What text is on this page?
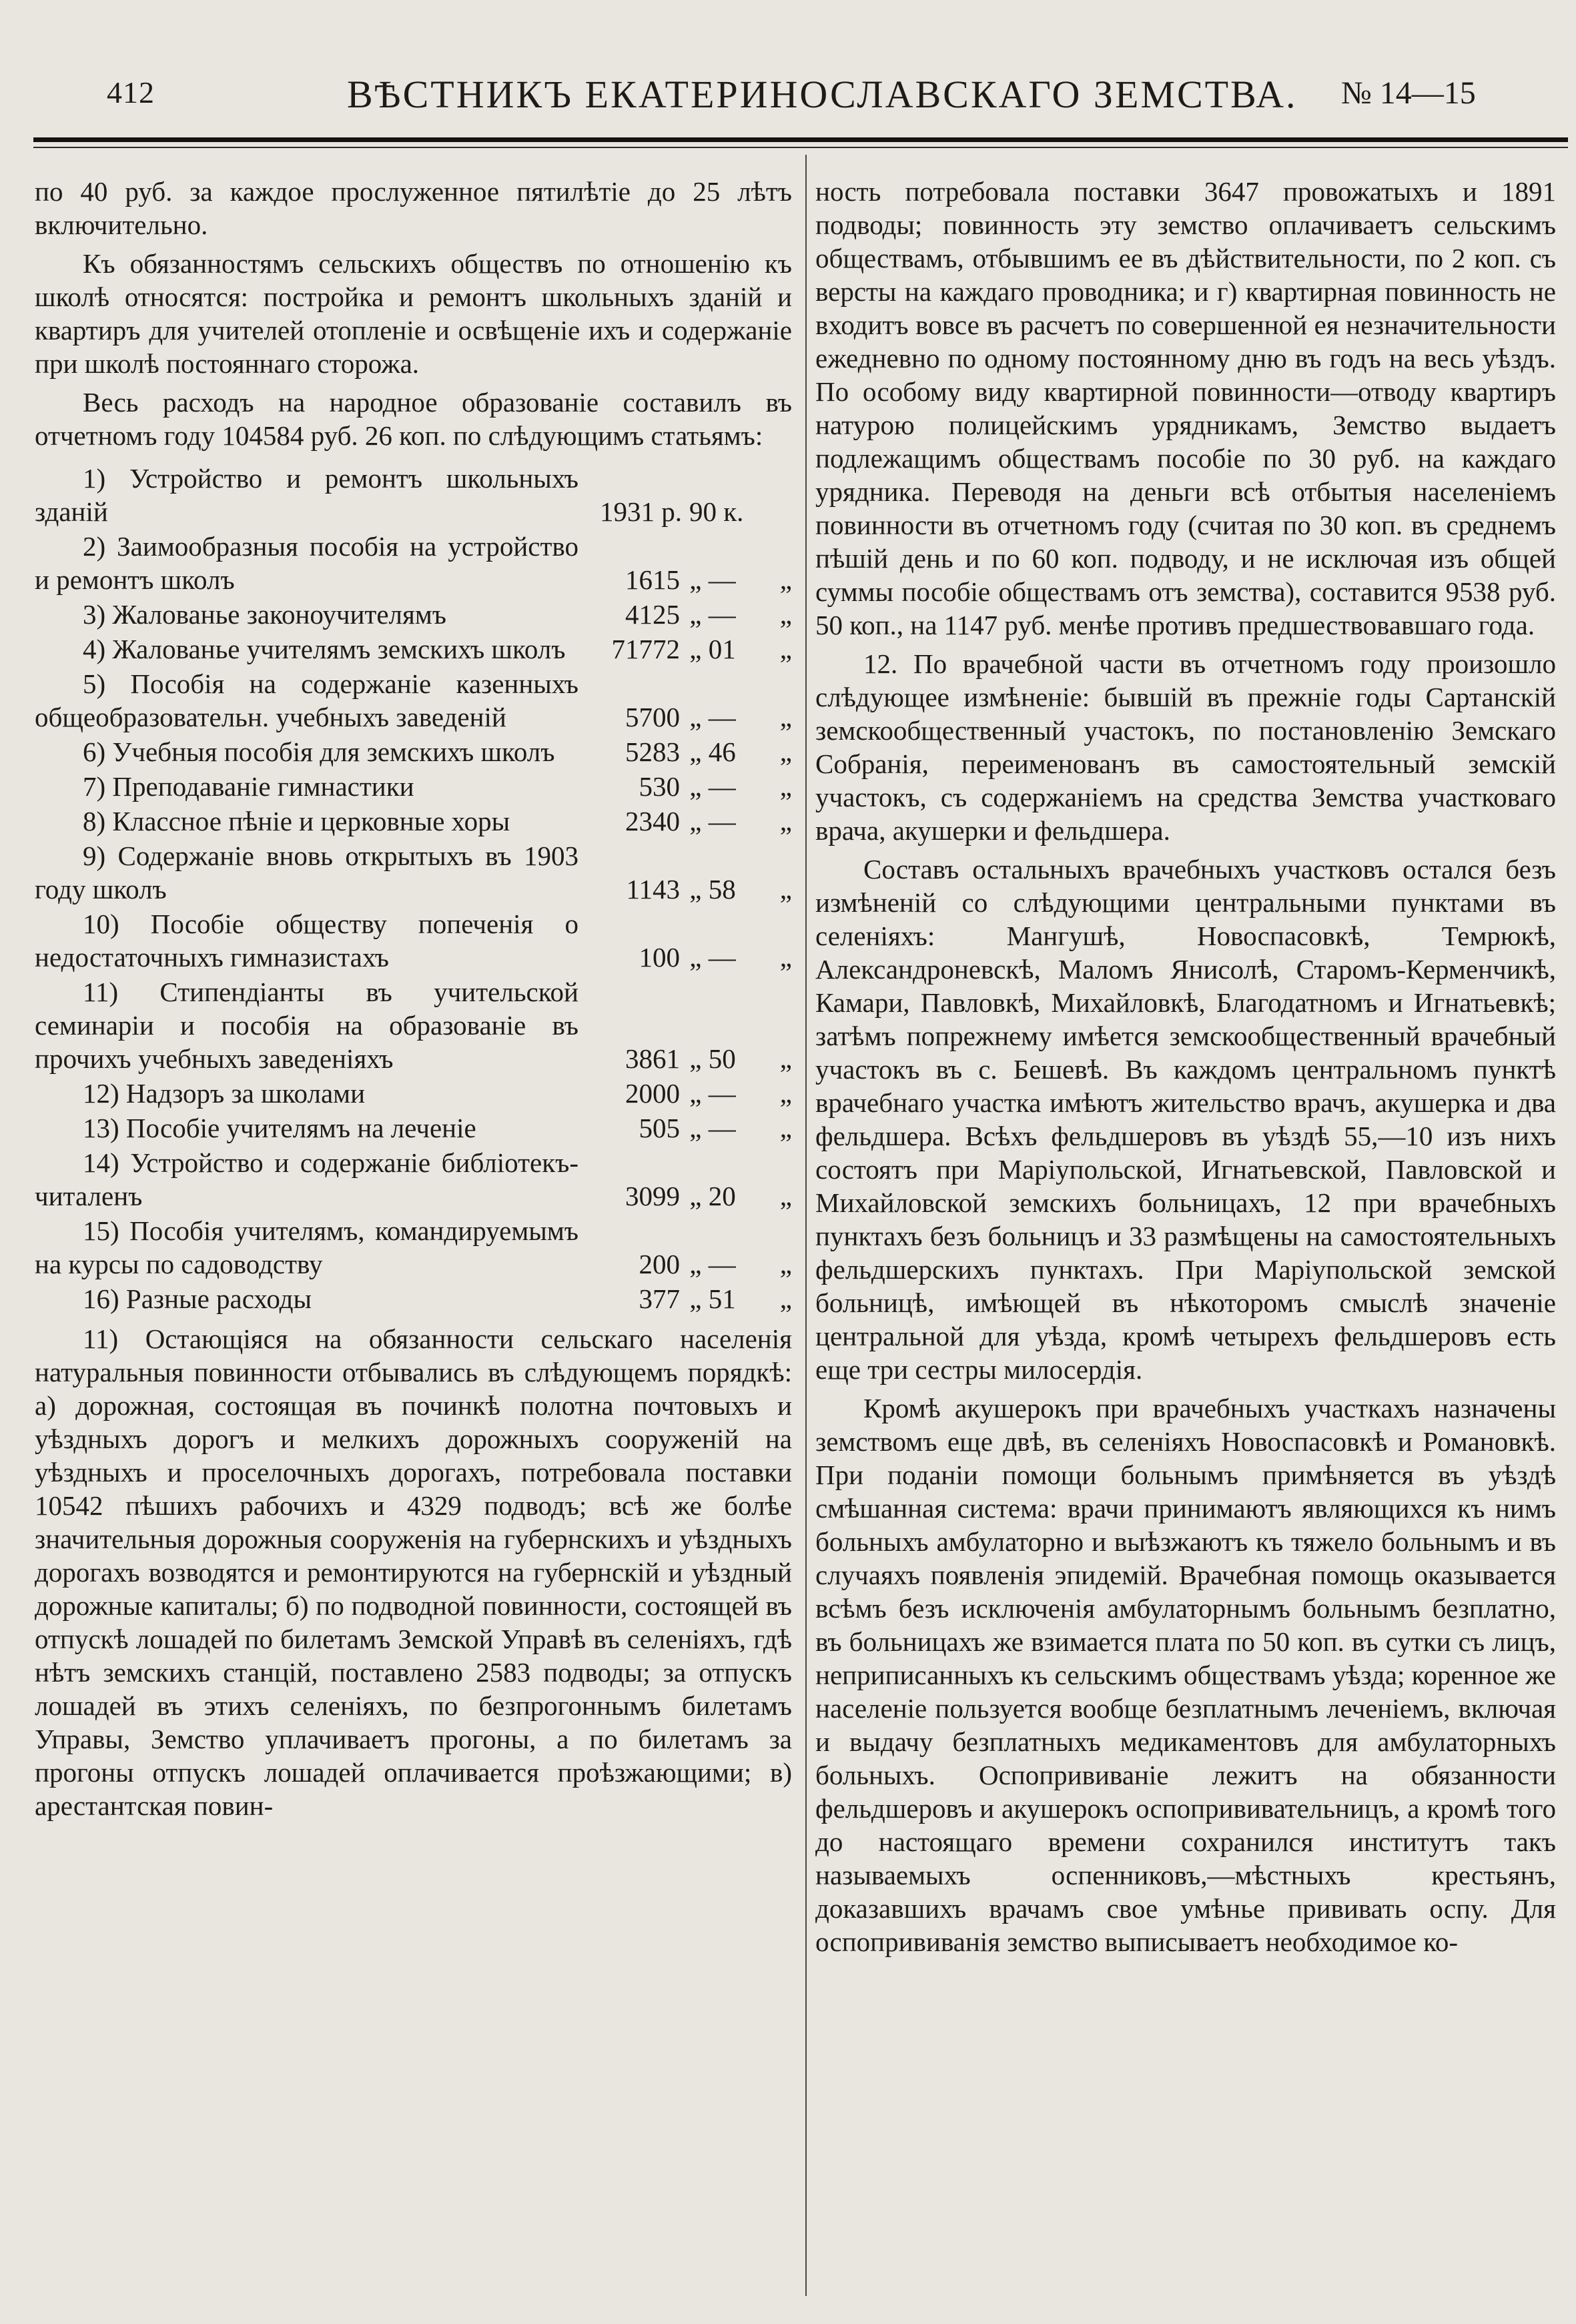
412	ВѢСТНИКЪ ЕКАТЕРИНОСЛАВСКАГО ЗЕМСТВА. № 14—15

по 40 руб. за каждое прослуженное пятилѣтіе до 25 лѣтъ включительно.

Къ обязанностямъ сельскихъ обществъ по отношенію къ школѣ относятся: постройка и ремонтъ школьныхъ зданій и квартиръ для учителей отопленіе и освѣщеніе ихъ и содержаніе при школѣ постояннаго сторожа.

Весь расходъ на народное образованіе составилъ въ отчетномъ году 104584 руб. 26 коп. по слѣдующимъ статьямъ:

1) Устройство и ремонтъ школьныхъ зданій	1931 р. 90 к.
2) Заимообразныя пособія на устройство и ремонтъ школъ	1615 „ —	„
3) Жалованье законоучителямъ	4125 „ —	„
4) Жалованье учителямъ земскихъ школъ	71772 „ 01	„
5) Пособія на содержаніе казенныхъ общеобразовательн. учебныхъ заведеній	5700 „ —	„
6) Учебныя пособія для земскихъ школъ	5283 „ 46	„
7) Преподаваніе гимнастики	530 „ —	„
8) Классное пѣніе и церковные хоры	2340 „ —	„
9) Содержаніе вновь открытыхъ въ 1903 году школъ	1143 „ 58	„
10) Пособіе обществу попеченія о недостаточныхъ гимназистахъ	100 „ —	„
11) Стипендіанты въ учительской семинаріи и пособія на образованіе въ прочихъ учебныхъ заведеніяхъ	3861 „ 50	„
12) Надзоръ за школами	2000 „ —	„
13) Пособіе учителямъ на леченіе	505 „ —	„
14) Устройство и содержаніе библіотекъ-читаленъ	3099 „ 20	„
15) Пособія учителямъ, командируемымъ на курсы по садоводству	200 „ —	„
16) Разные расходы	377 „ 51	„

11) Остающіяся на обязанности сельскаго населенія натуральныя повинности отбывались въ слѣдующемъ порядкѣ: а) дорожная, состоящая въ починкѣ полотна почтовыхъ и уѣздныхъ дорогъ и мелкихъ дорожныхъ сооруженій на уѣздныхъ и проселочныхъ дорогахъ, потребовала поставки 10542 пѣшихъ рабочихъ и 4329 подводъ; всѣ же болѣе значительныя дорожныя сооруженія на губернскихъ и уѣздныхъ дорогахъ возводятся и ремонтируются на губернскій и уѣздный дорожные капиталы; б) по подводной повинности, состоящей въ отпускѣ лошадей по билетамъ Земской Управѣ въ селеніяхъ, гдѣ нѣтъ земскихъ станцій, поставлено 2583 подводы; за отпускъ лошадей въ этихъ селеніяхъ, по безпрогоннымъ билетамъ Управы, Земство уплачиваетъ прогоны, а по билетамъ за прогоны отпускъ лошадей оплачивается проѣзжающими; в) арестантская повин-

ность потребовала поставки 3647 провожатыхъ и 1891 подводы; повинность эту земство оплачиваетъ сельскимъ обществамъ, отбывшимъ ее въ дѣйствительности, по 2 коп. съ версты на каждаго проводника; и г) квартирная повинность не входитъ вовсе въ расчетъ по совершенной ея незначительности ежедневно по одному постоянному дню въ годъ на весь уѣздъ. По особому виду квартирной повинности—отводу квартиръ натурою полицейскимъ урядникамъ, Земство выдаетъ подлежащимъ обществамъ пособіе по 30 руб. на каждаго урядника. Переводя на деньги всѣ отбытыя населеніемъ повинности въ отчетномъ году (считая по 30 коп. въ среднемъ пѣшій день и по 60 коп. подводу, и не исключая изъ общей суммы пособіе обществамъ отъ земства), составится 9538 руб. 50 коп., на 1147 руб. менѣе противъ предшествовавшаго года.

12. По врачебной части въ отчетномъ году произошло слѣдующее измѣненіе: бывшій въ прежніе годы Сартанскій земскообщественный участокъ, по постановленію Земскаго Собранія, переименованъ въ самостоятельный земскій участокъ, съ содержаніемъ на средства Земства участковаго врача, акушерки и фельдшера.

Составъ остальныхъ врачебныхъ участковъ остался безъ измѣненій со слѣдующими центральными пунктами въ селеніяхъ: Мангушѣ, Новоспасовкѣ, Темрюкѣ, Александроневскѣ, Маломъ Янисолѣ, Старомъ-Керменчикѣ, Камари, Павловкѣ, Михайловкѣ, Благодатномъ и Игнатьевкѣ; затѣмъ попрежнему имѣется земскообщественный врачебный участокъ въ с. Бешевѣ. Въ каждомъ центральномъ пунктѣ врачебнаго участка имѣютъ жительство врачъ, акушерка и два фельдшера. Всѣхъ фельдшеровъ въ уѣздѣ 55,—10 изъ нихъ состоятъ при Маріупольской, Игнатьевской, Павловской и Михайловской земскихъ больницахъ, 12 при врачебныхъ пунктахъ безъ больницъ и 33 размѣщены на самостоятельныхъ фельдшерскихъ пунктахъ. При Маріупольской земской больницѣ, имѣющей въ нѣкоторомъ смыслѣ значеніе центральной для уѣзда, кромѣ четырехъ фельдшеровъ есть еще три сестры милосердія.

Кромѣ акушерокъ при врачебныхъ участкахъ назначены земствомъ еще двѣ, въ селеніяхъ Новоспасовкѣ и Романовкѣ. При поданіи помощи больнымъ примѣняется въ уѣздѣ смѣшанная система: врачи принимаютъ являющихся къ нимъ больныхъ амбулаторно и выѣзжаютъ къ тяжело больнымъ и въ случаяхъ появленія эпидемій. Врачебная помощь оказывается всѣмъ безъ исключенія амбулаторнымъ больнымъ безплатно, въ больницахъ же взимается плата по 50 коп. въ сутки съ лицъ, неприписанныхъ къ сельскимъ обществамъ уѣзда; коренное же населеніе пользуется вообще безплатнымъ леченіемъ, включая и выдачу безплатныхъ медикаментовъ для амбулаторныхъ больныхъ. Оспопрививаніе лежитъ на обязанности фельдшеровъ и акушерокъ оспопрививательницъ, а кромѣ того до настоящаго времени сохранился институтъ такъ называемыхъ оспенниковъ,—мѣстныхъ крестьянъ, доказавшихъ врачамъ свое умѣнье прививать оспу. Для оспопрививанія земство выписываетъ необходимое ко-
